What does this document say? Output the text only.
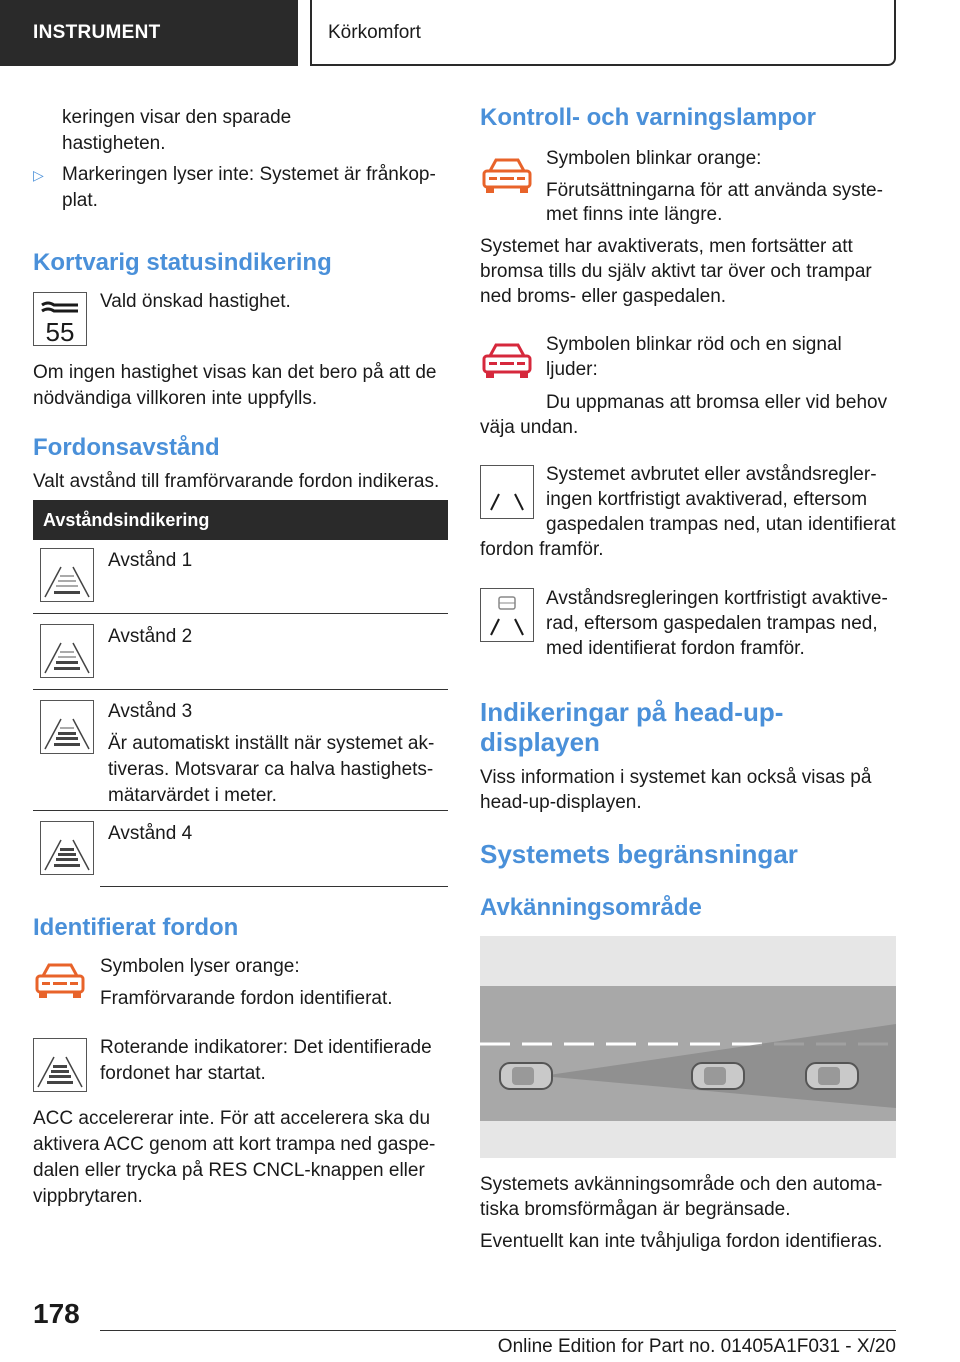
INSTRUMENT	Körkomfort

keringen visar den sparade

hastigheten.

▷ Markeringen lyser inte: Systemet är frånkop-

plat.

Kortvarig statusindikering
55

Vald önskad hastighet.

Om ingen hastighet visas kan det bero på att de

nödvändiga villkoren inte uppfylls.

Fordonsavstånd

Valt avstånd till framförvarande fordon indikeras.

Avståndsindikering

Avstånd 1

Avstånd 2

Avstånd 3

Är automatiskt inställt när systemet ak-

tiveras. Motsvarar ca halva hastighets-

mätarvärdet i meter.

Avstånd 4

Identifierat fordon

Symbolen lyser orange:

Framförvarande fordon identifierat.

Roterande indikatorer: Det identifierade

fordonet har startat.

ACC accelererar inte. För att accelerera ska du

aktivera ACC genom att kort trampa ned gaspe-

dalen eller trycka på RES CNCL-knappen eller

vippbrytaren.

Kontroll- och varningslampor

Symbolen blinkar orange:

Förutsättningarna för att använda syste-

met finns inte längre.

Systemet har avaktiverats, men fortsätter att

bromsa tills du själv aktivt tar över och trampar

ned broms- eller gaspedalen.

Symbolen blinkar röd och en signal

ljuder:

Du uppmanas att bromsa eller vid behov

väja undan.

Systemet avbrutet eller avståndsregler-

ingen kortfristigt avaktiverad, eftersom

gaspedalen trampas ned, utan identifierat

fordon framför.

Avståndsregleringen kortfristigt avaktive-

rad, eftersom gaspedalen trampas ned,

med identifierat fordon framför.

Indikeringar på head-up-
displayen

Viss information i systemet kan också visas på

head-up-displayen.

Systemets begränsningar
Avkänningsområde

Systemets avkänningsområde och den automa-

tiska bromsförmågan är begränsade.

Eventuellt kan inte tvåhjuliga fordon identifieras.

178
Online Edition for Part no. 01405A1F031 - X/20
